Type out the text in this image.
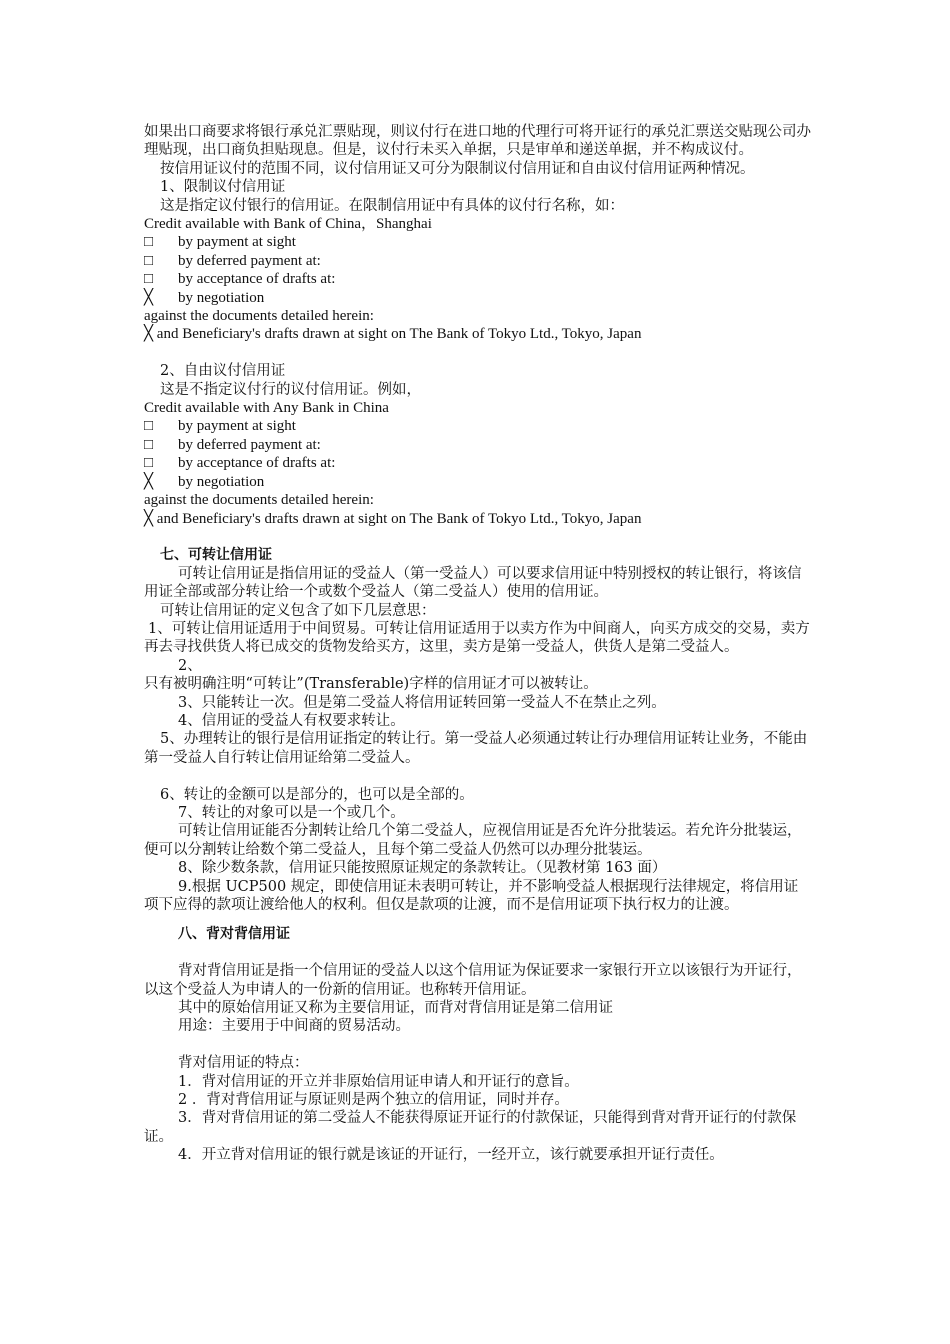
如果出口商要求将银行承兑汇票贴现，则议付行在进口地的代理行可将开证行的承兑汇票送交贴现公司办理贴现，出口商负担贴现息。但是，议付行未买入单据，只是审单和递送单据，并不构成议付。

按信用证议付的范围不同，议付信用证又可分为限制议付信用证和自由议付信用证两种情况。

1、限制议付信用证

这是指定议付银行的信用证。在限制信用证中有具体的议付行名称，如：

Credit available with Bank of China，Shanghai

□ by payment at sight

□ by deferred payment at:

□ by acceptance of drafts at:

╳ by negotiation

against the documents detailed herein:

╳ and Beneficiary's drafts drawn at sight on The Bank of Tokyo Ltd., Tokyo, Japan

2、自由议付信用证

这是不指定议付行的议付信用证。例如，

Credit available with Any Bank in China

□ by payment at sight

□ by deferred payment at:

□ by acceptance of drafts at:

╳ by negotiation

against the documents detailed herein:

╳ and Beneficiary's drafts drawn at sight on The Bank of Tokyo Ltd., Tokyo, Japan

七、可转让信用证

可转让信用证是指信用证的受益人（第一受益人）可以要求信用证中特别授权的转让银行，将该信用证全部或部分转让给一个或数个受益人（第二受益人）使用的信用证。

可转让信用证的定义包含了如下几层意思：

1、可转让信用证适用于中间贸易。可转让信用证适用于以卖方作为中间商人，向买方成交的交易，卖方再去寻找供货人将已成交的货物发给买方，这里，卖方是第一受益人，供货人是第二受益人。

2、

只有被明确注明“可转让”(Transferable)字样的信用证才可以被转让。

3、只能转让一次。但是第二受益人将信用证转回第一受益人不在禁止之列。

4、信用证的受益人有权要求转让。

5、办理转让的银行是信用证指定的转让行。第一受益人必须通过转让行办理信用证转让业务，不能由第一受益人自行转让信用证给第二受益人。

6、转让的金额可以是部分的，也可以是全部的。

7、转让的对象可以是一个或几个。

可转让信用证能否分割转让给几个第二受益人，应视信用证是否允许分批装运。若允许分批装运，便可以分割转让给数个第二受益人，且每个第二受益人仍然可以办理分批装运。

8、除少数条款，信用证只能按照原证规定的条款转让。（见教材第 163 面）

9.根据 UCP500 规定，即使信用证未表明可转让，并不影响受益人根据现行法律规定，将信用证项下应得的款项让渡给他人的权利。但仅是款项的让渡，而不是信用证项下执行权力的让渡。

八、背对背信用证

背对背信用证是指一个信用证的受益人以这个信用证为保证要求一家银行开立以该银行为开证行，以这个受益人为申请人的一份新的信用证。也称转开信用证。

其中的原始信用证又称为主要信用证，而背对背信用证是第二信用证

用途：主要用于中间商的贸易活动。

背对信用证的特点：

1．背对信用证的开立并非原始信用证申请人和开证行的意旨。

2 ．背对背信用证与原证则是两个独立的信用证，同时并存。

3．背对背信用证的第二受益人不能获得原证开证行的付款保证，只能得到背对背开证行的付款保证。

4．开立背对信用证的银行就是该证的开证行，一经开立，该行就要承担开证行责任。
